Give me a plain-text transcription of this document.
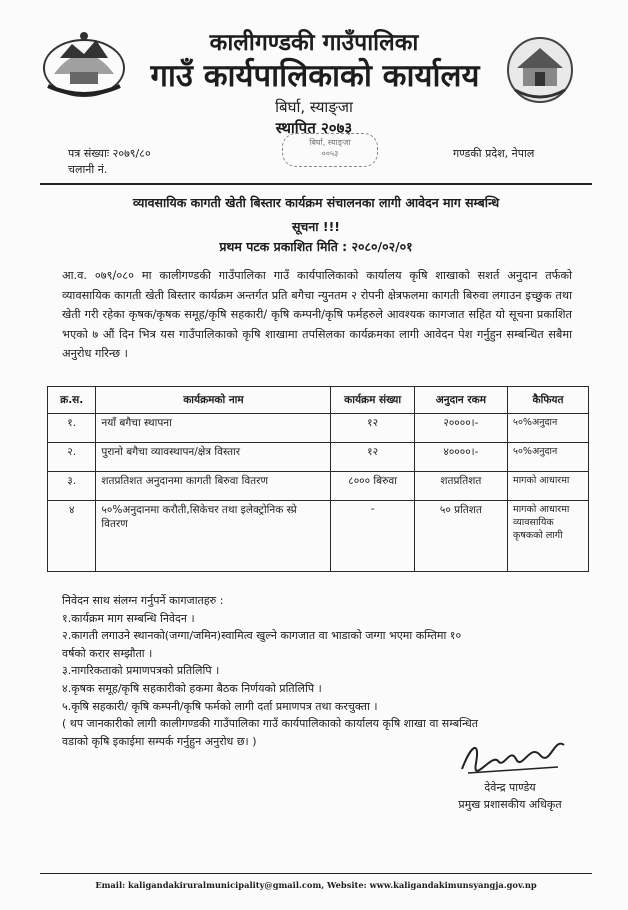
कालीगण्डकी गाउँपालिका
गाउँ कार्यपालिकाको कार्यालय
बिर्घा, स्याङ्जा
स्थापित २०७३
बिर्घा, स्याङ्जा
००५३
पत्र संख्याः २०७९/८०
चलानी नं.
गण्डकी प्रदेश, नेपाल
व्यावसायिक कागती खेती बिस्तार कार्यक्रम संचालनका लागी आवेदन माग सम्बन्धि
सूचना !!!
प्रथम पटक प्रकाशित मिति : २०८०/०२/०१
आ.व. ०७९/०८० मा कालीगण्डकी गाउँपालिका गाउँ कार्यपालिकाको कार्यालय कृषि शाखाको सशर्त अनुदान तर्फको व्यावसायिक कागती खेती बिस्तार कार्यक्रम अन्तर्गत प्रति बगैचा न्युनतम २ रोपनी क्षेत्रफलमा कागती बिरुवा लगाउन इच्छुक तथा खेती गरी रहेका कृषक/कृषक समूह/कृषि सहकारी/ कृषि कम्पनी/कृषि फर्महरुले आवश्यक कागजात सहित यो सूचना प्रकाशित भएको ७ औं दिन भित्र यस गाउँपालिकाको कृषि शाखामा तपसिलका कार्यक्रमका लागी आवेदन पेश गर्नुहुन सम्बन्धित सबैमा अनुरोध गरिन्छ ।
क्र.स.	कार्यक्रमको नाम	कार्यक्रम संख्या	अनुदान रकम	कैफियत
१.	नयाँ बगैचा स्थापना	१२	२००००।-	५०%अनुदान
२.	पुरानो बगैचा व्यावस्थापन/क्षेत्र विस्तार	१२	४००००।-	५०%अनुदान
३.	शतप्रतिशत अनुदानमा कागती बिरुवा वितरण	८००० बिरुवा	शतप्रतिशत	मागको आधारमा
४	५०%अनुदानमा करौती,सिकेचर तथा इलेक्ट्रोनिक स्प्रे वितरण	-	५० प्रतिशत	मागको आधारमा व्यावसायिक कृषकको लागी
निवेदन साथ संलग्न गर्नुपर्ने कागजातहरु :
१.कार्यक्रम माग सम्बन्धि निवेदन ।
२.कागती लगाउने स्थानको(जग्गा/जमिन)स्वामित्व खुल्ने कागजात वा भाडाको जग्गा भएमा कम्तिमा १०
वर्षको करार सम्झौता ।
३.नागरिकताको प्रमाणपत्रको प्रतिलिपि ।
४.कृषक समूह/कृषि सहकारीको हकमा बैठक निर्णयको प्रतिलिपि ।
५.कृषि सहकारी/ कृषि कम्पनी/कृषि फर्मको लागी दर्ता प्रमाणपत्र तथा करचुक्ता ।
( थप जानकारीको लागी कालीगण्डकी गाउँपालिका गाउँ कार्यपालिकाको कार्यालय कृषि शाखा वा सम्बन्धित
वडाको कृषि इकाईमा सम्पर्क गर्नुहुन अनुरोध छ। )
देवेन्द्र पाण्डेय
प्रमुख प्रशासकीय अधिकृत
Email: kaligandakiruralmunicipality@gmail.com, Website: www.kaligandakimunsyangja.gov.np
